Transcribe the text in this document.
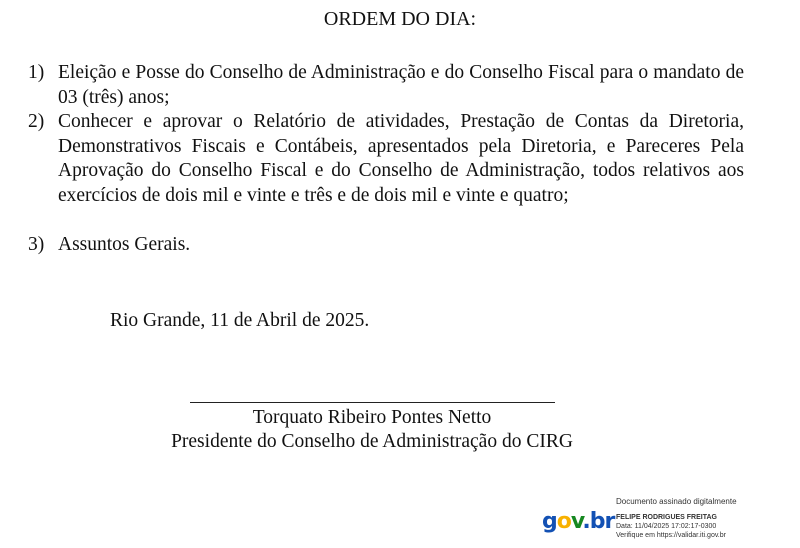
ORDEM DO DIA:
1) Eleição e Posse do Conselho de Administração e do Conselho Fiscal para o mandato de 03 (três) anos;
2) Conhecer e aprovar o Relatório de atividades, Prestação de Contas da Diretoria, Demonstrativos Fiscais e Contábeis, apresentados pela Diretoria, e Pareceres Pela Aprovação do Conselho Fiscal e do Conselho de Administração, todos relativos aos exercícios de dois mil e vinte e três e de dois mil e vinte e quatro;
3) Assuntos Gerais.
Rio Grande, 11 de Abril de 2025.
Torquato Ribeiro Pontes Netto
Presidente do Conselho de Administração do CIRG
gov.br
Documento assinado digitalmente
FELIPE RODRIGUES FREITAG
Data: 11/04/2025 17:02:17-0300
Verifique em https://validar.iti.gov.br
